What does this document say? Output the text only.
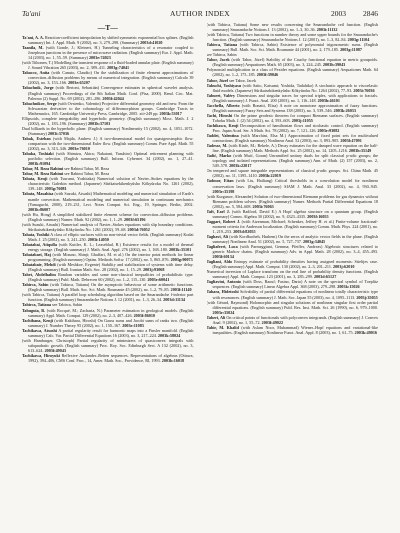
Ta'ani	AUTHOR INDEX	2003 2846
—T—

Ta'ani, A. A. Reaction-coefficient interpolation by shifted symmetric exponential box splines. (English summary) Int. J. Appl. Math. 9 (2002), no. 3, 279–298. (Summary) 2003d:41020

Taanila, M. (with Gonde, J.; Kleinert, H.) Tunneling characteristics of a resonator coupled to Josephson junctions in the presence of microwave radiation. (English summary) Eur. J. Appl. Math. 14 (2003), no. 1, 55–59. (Summary) 2003e:74023

(with Tiihonen, T.) Modelling the transient response of a fluid-loaded annular plate. (English summary) J. Sound Vibration 265 (2003), no. 2, 389–411. 2003g:74041

Tabacco, Anita (with Canuto, Claudio) On the stabilization of finite element approximations of convection–diffusion problems by means of numerical integration. (English summary) Calcolo 39 (2002), no. 3, 153–166. 2003e:65207

Tabachnik, Jorge (with Bertoni, Sebastián) Convergence estimates in spherical wavelet analysis. (English summary) Proceedings of the 8th Italian Math. Conf. (Pisa, 2000). Rend. Circ. Mat. Palermo (2) Suppl. No. 69 (2002), 281–286. 2003f:42044

Tabachnikov, Serge (with Ovsienko, Valentin) Projective differential geometry old and new. From the Schwarzian derivative to the cohomology of diffeomorphism groups. Cambridge Tracts in Mathematics, 165. Cambridge University Press, Cambridge, 2005. xii+249 pp. 2003k:53017

Ellipsoids, complete integrability and hyperbolic geometry. (English summary) Mosc. Math. J. 2 (2002), no. 1, 183–196. (Summary) 2003h:37103

Dual billiards in the hyperbolic plane. (English summary) Nonlinearity 15 (2002), no. 4, 1051–1072. (Summary) 2003i:37036

Tabak, Esteban (with Majda, Andrew J.) A two-dimensional model for quasigeostrophic flow: comparison with the two-dimensional Euler flow. (English summary) Comm. Pure Appl. Math. 55 (2002), no. 3, 313–346. 2003e:76010

Tabaka, Toshiaki (with Shimizu, Akira; Nakatani, Yasuhiro) Optimal retirement planning with portfolio selection. (English summary) Bull. Inform. Cybernet. 34 (2002), no. 1, 27–41. 2003k:91094

Tabar, M. Reza Rahimi see Rahimi Tabar, M. Reza

Tabar, M. Reza Rahimi see Rahimi Tabar, M. Reza

Tabata, Kenji (with Tsurumi, Yoshitaka) Numerical solution of Navier–Stokes equations by the characteristic Galerkin method. (Japanese) Sûrikaisekikenkyûsho Kôkyûroku No. 1261 (2002), 139–148. 2003g:76081

Tabata, Masahisa (with Suzuki, Atsushi) Mathematical modeling and numerical simulation of Earth's mantle convection. Mathematical modeling and numerical simulation in continuum mechanics (Yamaguchi, 2000), 219–231, Lect. Notes Comput. Sci. Eng., 19, Springer, Berlin, 2002. 2003h:86007

(with Hu, Hong) A simplified stabilized finite element scheme for convection–diffusion problems. (English summary) Numer. Math. 92 (2002), no. 1, 1–29. 2003f:65196

(with Suzuki, Atsushi) Numerical analysis of Navier–Stokes equations with slip boundary conditions. Sûrikaisekikenkyûsho Kôkyûroku No. 1261 (2002), 59–68. 2003d:76052

Tabata, Yoshiki A class of elliptic surfaces with no non-trivial vector fields. (English summary) Kodai Math. J. 25 (2002), no. 3, 241–250. 2003i:14050

Tabatabai, Atiqulla (with Kuttler, K. L.; Leaseblad, B.) Existence results for a model of thermal energy storage. (English summary) J. Math. Anal. Appl. 276 (2002), no. 1, 168–180. 2003k:35101

Tabatabaei, Haj (with Mizuno, Shinji; Ghaffari, M. et al.) On the interior point methods for linear programming. (English summary) Optim. Methods Softw. 17 (2002), no. 5, 865–876. 2003g:90073

Tabatabaie, Mehdi (with Meshkov, Evgenie) Stability and stabilization of systems with time delay. (English summary) Bull. Iranian Math. Soc. 28 (2002), no. 1, 15–29. 2003j:93068

Tabet, Abdelhalim Random variables and some non-classical inequalities of probabilistic type. (English summary) Publ. Math. Debrecen 60 (2002), no. 1–2, 115–130. 2003e:60041

Tabirca, Sabin (with Tabirca, Tatiana) On the asymptotic behaviour of some arithmetic functions. (English summary) Bull. Math. Soc. Sci. Math. Roumanie 45 (2002), no. 1–2, 79–85. 2003f:11140

(with Tabirca, Tatiana) A parallel loop scheduling algorithm based on the Smarandache f-inferior part function. (English summary) Smarandache Notions J. 12 (2001), no. 1–3, 26–34. 2003d:11134

Tabirca, Tatiana see Tabirca, Sabin

Tabuguia, B. (with Bocqué, M.; Zacharia, N.) Parameter estimation in geological models. (English summary) Appl. Math. Comput. 129 (2002), no. 2–3, 407–426. 2003f:86010

Tachibana, Kenji (with Kakihara, Hiroshi) On Gauss sums and Jacobi sums of ranks two. (English summary) J. Number Theory 95 (2002), no. 1, 150–167. 2003e:11083

Tachikawa, Atsushi A partial regularity result for harmonic maps into a Finsler manifold. (English summary) Calc. Var. Partial Differential Equations 16 (2003), no. 3, 217–224. 2003k:58024

(with Hamburger, Christoph) Partial regularity of minimizers of quasiconvex integrals with subquadratic growth. (English summary) Proc. Roy. Soc. Edinburgh Sect. A 132 (2002), no. 3, 613–624. 2003f:49043

Tachikawa, Hiroyuki Reflexive Auslander–Reiten sequences. Representations of algebras (Ottawa, 1992), 394–406, CMS Conf. Proc., 14, Amer. Math. Soc., Providence, RI, 1993. 2003h:16018

(with Tabirca, Tatiana) Some new results concerning the Smarandache ceil function. (English summary) Smarandache Notions J. 13 (2002), no. 1–3, 30–36. 2003i:11132

(with Tabirca, Tatiana) Two functions in number theory and some upper bounds for the Smarandache's function. (English summary) Smarandache Notions J. 12 (2001), no. 1–3, 82–84. 2003g:11104

Tabirca, Tatiana (with Tabirca, Sabin) Existence of polynomial trigonometric sums. (English summary) Bull. Math. Soc. Sci. Math. Roumanie 44 (2001), no. 2, 179–185. 2003g:11087

see Tabirca, Sabin

Tabor, Jacek (with Tabor, Józef) Stability of the Cauchy functional equation in metric groupoids. (English summary) Aequationes Math. 65 (2003), no. 3, 224–245. 2003h:39043

Polynomial multiplication in a class of Pexider equations. (English summary) Aequationes Math. 64 (2002), no. 1–2, 175–185. 2003f:39046

Tabor, Józef see Tabor, Jacek

Tabuchi, Yoshiyasu (with Saito, Katsumi; Yoshida, Tadahiko) A stochastic approach to viscoelastic fluid models. (Japanese) Sûrikaisekikenkyûsho Kôkyûroku No. 1264 (2002), 77–93. 2003i:76036

Taburet, Valéry Dimensions and singular traces for spectral triples, with applications to fractals. (English summary) J. Funct. Anal. 200 (2003), no. 1, 116–148. 2003h:46101

Tacchella, Alberto (with Bonatti, Elisa) A note on monotone approximation of fuzzy functions. (English summary) Fuzzy Sets and Systems 138 (2003), no. 3, 539–546. 2003k:26033

Tachi, Hiroshi On the prime geodesic theorem for compact Riemann surfaces. (English summary) Tohoku Math. J. (2) 54 (2002), no. 4, 593–603. 2003j:11055

Tachikawa, Kenji Decomposition of hamiltonian flows and stochastic control. (English summary) Proc. Japan Acad. Ser. A Math. Sci. 78 (2002), no. 7, 121–126. 2003e:93082

Taddei, Valentina (with Marchini, Elsa M.) Approximation of fixed point sets for multivalued contractions. (English summary) Nonlinear Anal. 52 (2003), no. 3, 893–905. 2003f:47091

Tadesse, M. (with Kinfe, M.; Bekele, A.) Decay estimates for the damped wave equation on the half-line. (English summary) Math. Methods Appl. Sci. 25 (2002), no. 14, 1205–1216. 2003h:35149

Tadić, Marko (with Muić, Goran) Unramified unitary duals for split classical p-adic groups; the topology and isolated representations. (English summary) Ann. of Math. (2) 157 (2003), no. 2, 549–578. 2003k:22017

On tempered and square integrable representations of classical p-adic groups. Sci. China Math. 45 (2002), no. 11, 1395–1410. 2003h:22019

Tadmor, Eitan (with Liu, Hailiang) Critical thresholds in a convolution model for nonlinear conservation laws. (English summary) SIAM J. Math. Anal. 33 (2002), no. 4, 930–945. 2003e:35198

(with Kurganov, Alexander) Solution of two-dimensional Riemann problems for gas dynamics without Riemann problem solvers. (English summary) Numer. Methods Partial Differential Equations 18 (2002), no. 5, 584–608. 2003i:76063

Taft, Earl J. (with Radford, David E.) A Hopf algebra structure on a quantum group. (English summary) Comm. Algebra 30 (2002), no. 9, 4323–4335. 2003f:16055

Taggart, Robert J. (with Aizenman, Michael; Schenker, Jeffrey H. et al.) Finite-volume fractional-moment criteria for Anderson localization. (English summary) Comm. Math. Phys. 224 (2001), no. 1, 219–253. 2003d:82055

Taghavi, Ali (with Kordbacheh, Hashem) On the zeros of analytic vector fields in the plane. (English summary) Nonlinear Anal. 51 (2002), no. 5, 727–737. 2003g:34045

Tagliaferri, Luca (with Parmeggiani, Gemma; Pfeiffer, Andreas) Algebraic structures related to generic Markov chains. (English summary) Adv. in Appl. Math. 28 (2002), no. 3–4, 455–493. 2003f:60134

Tagliani, Aldo Entropy estimate of probability densities having assigned moments: Stieltjes case. (English summary) Appl. Math. Comput. 130 (2002), no. 2–3, 201–211. 2003j:62010

Numerical inversion of Laplace transform on the real line of probability density functions. (English summary) Appl. Math. Comput. 123 (2001), no. 3, 285–299. 2003d:65127

Tagliavini, Antonio (with Doss, Raouf; Fasino, Dario) A note on the spectral symbol of Toeplitz sequences. (English summary) Linear Algebra Appl. 368 (2003), 279–298. 2003k:15026

Tahara, Hidetoshi Solvability of partial differential equations of nonlinear totally characteristic type with resonances. (English summary) J. Math. Soc. Japan 55 (2003), no. 4, 1095–1113. 2003j:35055

(with Gérard, Raymond) Holomorphic and singular solutions of nonlinear singular first order partial differential equations. (English summary) Publ. Res. Inst. Math. Sci. 26 (1990), no. 6, 979–1000. 2003e:35024

Taheri, Ali On critical points of functionals with polyconvex integrands. (English summary) J. Convex Anal. 9 (2002), no. 1, 55–72. 2003f:49022

Tahir, M. Khalid (with Aslam Noor, Muhammad) Wiener–Hopf equations and variational-like inequalities. (English summary) Nonlinear Funct. Anal. Appl. 8 (2003), no. 1, 61–75. 2003k:49016
